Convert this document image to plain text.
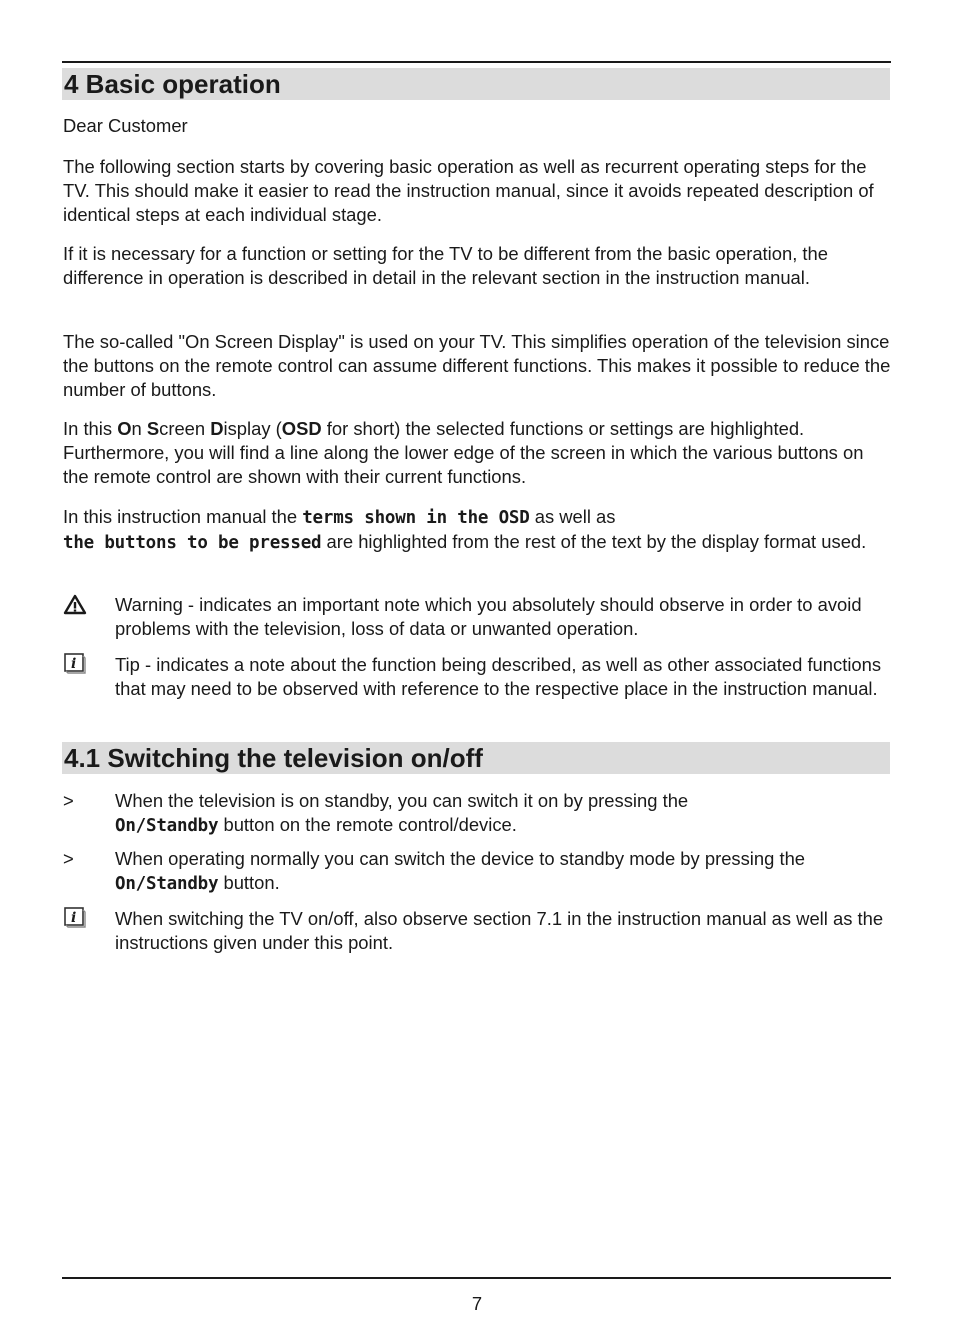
4 Basic operation

Dear Customer

The following section starts by covering basic operation as well as recurrent operating steps for the TV. This should make it easier to read the instruction manual, since it avoids repeated description of identical steps at each individual stage.

If it is necessary for a function or setting for the TV to be different from the basic operation, the difference in operation is described in detail in the relevant section in the instruction manual.

The so-called "On Screen Display" is used on your TV. This simplifies operation of the television since the buttons on the remote control can assume different functions. This makes it possible to reduce the number of buttons.

In this On Screen Display (OSD for short) the selected functions or settings are highlighted. Furthermore, you will find a line along the lower edge of the screen in which the various buttons on the remote control are shown with their current functions.

In this instruction manual the terms shown in the OSD as well as
the buttons to be pressed are highlighted from the rest of the text by the display format used.

Warning - indicates an important note which you absolutely should observe in order to avoid problems with the television, loss of data or unwanted operation.

i Tip - indicates a note about the function being described, as well as other associated functions that may need to be observed with reference to the respective place in the instruction manual.

4.1 Switching the television on/off
> When the television is on standby, you can switch it on by pressing the
On/Standby button on the remote control/device.

> When operating normally you can switch the device to standby mode by pressing the
On/Standby button.

i When switching the TV on/off, also observe section 7.1 in the instruction manual as well as the instructions given under this point.

7
